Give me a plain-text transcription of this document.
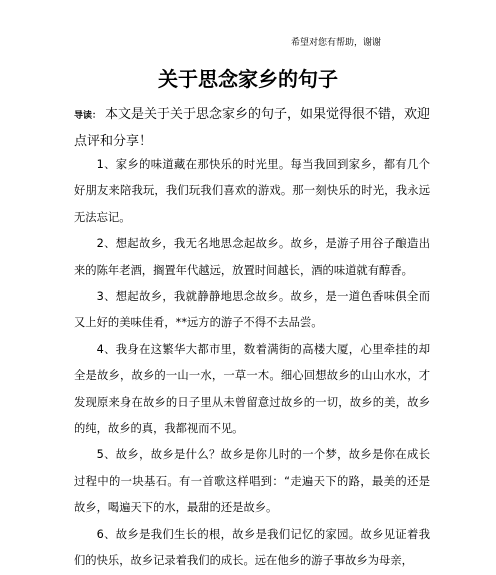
希望对您有帮助，谢谢
关于思念家乡的句子

导读： 本文是关于关于思念家乡的句子，如果觉得很不错，欢迎点评和分享！

1、家乡的味道藏在那快乐的时光里。每当我回到家乡，都有几个好朋友来陪我玩，我们玩我们喜欢的游戏。那一刻快乐的时光，我永远无法忘记。

2、想起故乡，我无名地思念起故乡。故乡，是游子用谷子酿造出来的陈年老酒，搁置年代越远，放置时间越长，酒的味道就有醇香。

3、想起故乡，我就静静地思念故乡。故乡，是一道色香味俱全而又上好的美味佳肴，**远方的游子不得不去品尝。

4、我身在这繁华大都市里，数着满街的高楼大厦，心里牵挂的却全是故乡，故乡的一山一水，一草一木。细心回想故乡的山山水水，才发现原来身在故乡的日子里从未曾留意过故乡的一切，故乡的美，故乡的纯，故乡的真，我都视而不见。

5、故乡，故乡是什么？故乡是你儿时的一个梦，故乡是你在成长过程中的一块基石。有一首歌这样唱到：“走遍天下的路，最美的还是故乡，喝遍天下的水，最甜的还是故乡。

6、故乡是我们生长的根，故乡是我们记忆的家园。故乡见证着我们的快乐，故乡记录着我们的成长。远在他乡的游子事故乡为母亲，
